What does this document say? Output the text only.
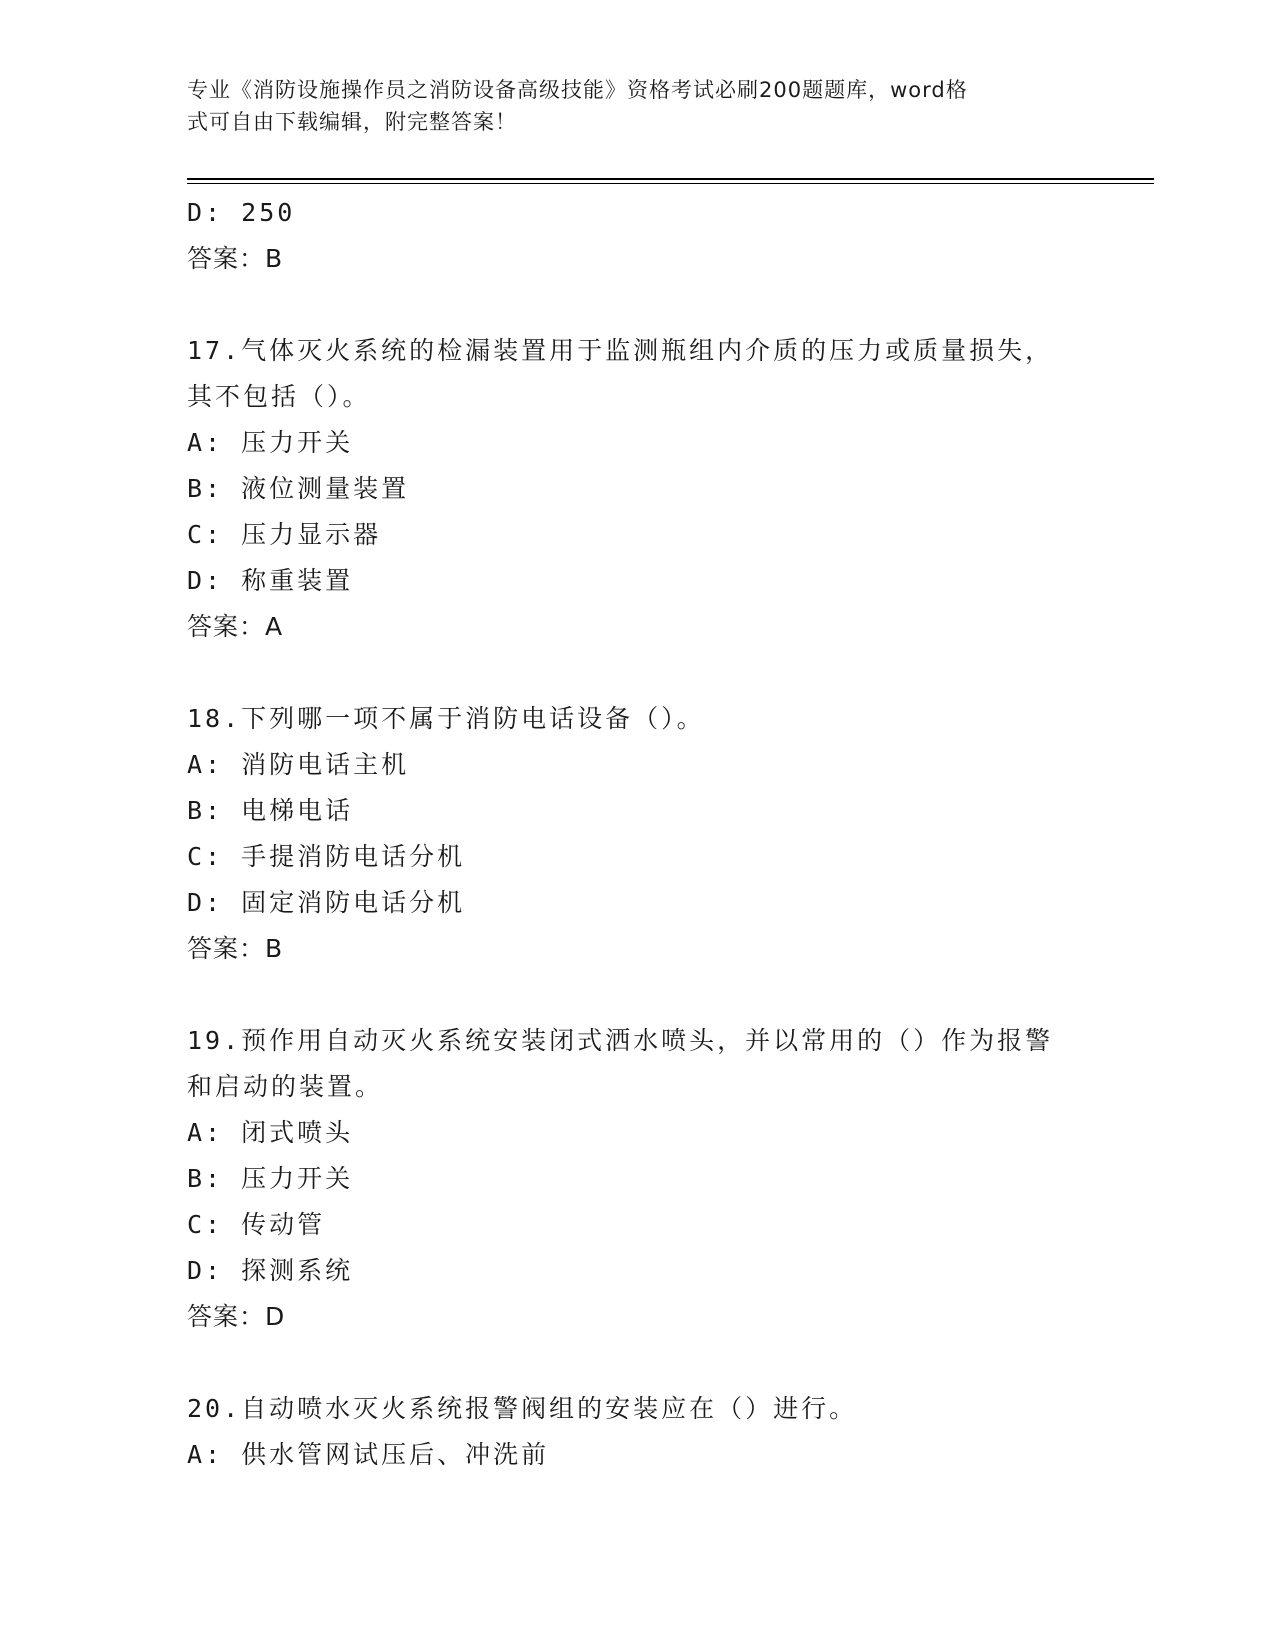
专业《消防设施操作员之消防设备高级技能》资格考试必刷200题题库，word格
式可自由下载编辑，附完整答案！
D: 250
答案：B
17.气体灭火系统的检漏装置用于监测瓶组内介质的压力或质量损失，
其不包括（）。
A: 压力开关
B: 液位测量装置
C: 压力显示器
D: 称重装置
答案：A
18.下列哪一项不属于消防电话设备（）。
A: 消防电话主机
B: 电梯电话
C: 手提消防电话分机
D: 固定消防电话分机
答案：B
19.预作用自动灭火系统安装闭式洒水喷头，并以常用的（）作为报警
和启动的装置。
A: 闭式喷头
B: 压力开关
C: 传动管
D: 探测系统
答案：D
20.自动喷水灭火系统报警阀组的安装应在（）进行。
A: 供水管网试压后、冲洗前
